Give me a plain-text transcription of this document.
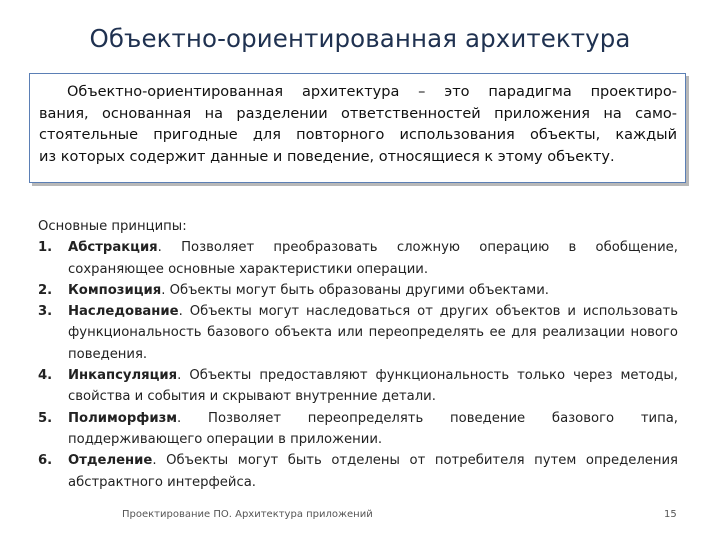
Объектно-ориентированная архитектура
Объектно-ориентированная архитектура – это парадигма проектиро-
вания, основанная на разделении ответственностей приложения на само-
стоятельные пригодные для повторного использования объекты, каждый
из которых содержит данные и поведение, относящиеся к этому объекту.
Основные принципы:
1. Абстракция. Позволяет преобразовать сложную операцию в обобщение, сохраняющее основные характеристики операции.
2. Композиция. Объекты могут быть образованы другими объектами.
3. Наследование. Объекты могут наследоваться от других объектов и использовать функциональность базового объекта или переопределять ее для реализации нового поведения.
4. Инкапсуляция. Объекты предоставляют функциональность только через методы, свойства и события и скрывают внутренние детали.
5. Полиморфизм. Позволяет переопределять поведение базового типа, поддерживающего операции в приложении.
6. Отделение. Объекты могут быть отделены от потребителя путем определения абстрактного интерфейса.
Проектирование ПО. Архитектура приложений	15
